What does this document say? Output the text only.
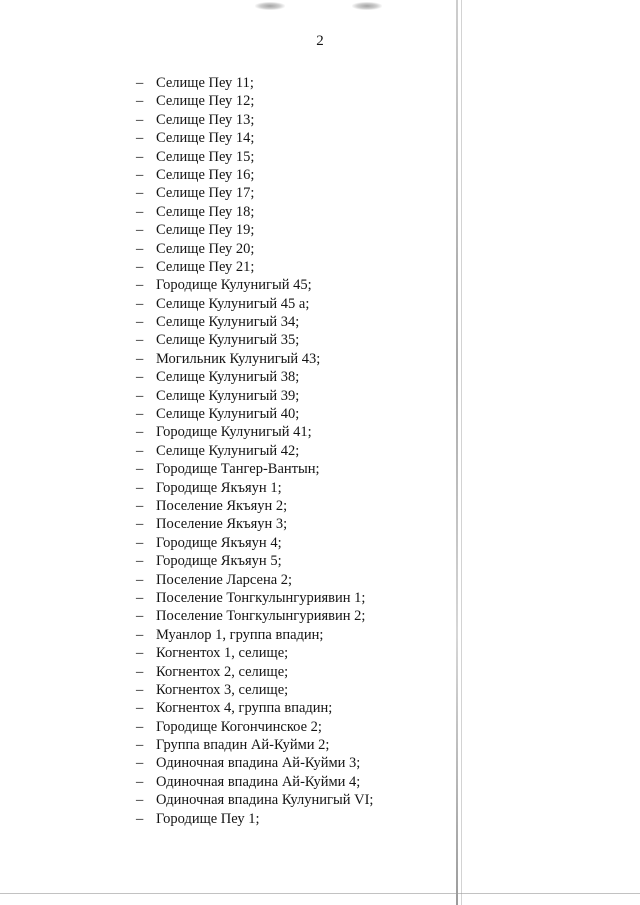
2
– Селище Пеу 11;
– Селище Пеу 12;
– Селище Пеу 13;
– Селище Пеу 14;
– Селище Пеу 15;
– Селище Пеу 16;
– Селище Пеу 17;
– Селище Пеу 18;
– Селище Пеу 19;
– Селище Пеу 20;
– Селище Пеу 21;
– Городище Кулунигый 45;
– Селище Кулунигый 45 а;
– Селище Кулунигый 34;
– Селище Кулунигый 35;
– Могильник Кулунигый 43;
– Селище Кулунигый 38;
– Селище Кулунигый 39;
– Селище Кулунигый 40;
– Городище Кулунигый 41;
– Селище Кулунигый 42;
– Городище Тангер-Вантын;
– Городище Якъяун 1;
– Поселение Якъяун 2;
– Поселение Якъяун 3;
– Городище Якъяун 4;
– Городище Якъяун 5;
– Поселение Ларсена 2;
– Поселение Тонгкулынгуриявин 1;
– Поселение Тонгкулынгуриявин 2;
– Муанлор 1, группа впадин;
– Когнентох 1, селище;
– Когнентох 2, селище;
– Когнентох 3, селище;
– Когнентох 4, группа впадин;
– Городище Когончинское 2;
– Группа впадин Ай-Куйми 2;
– Одиночная впадина Ай-Куйми 3;
– Одиночная впадина Ай-Куйми 4;
– Одиночная впадина Кулунигый VI;
– Городище Пеу 1;
